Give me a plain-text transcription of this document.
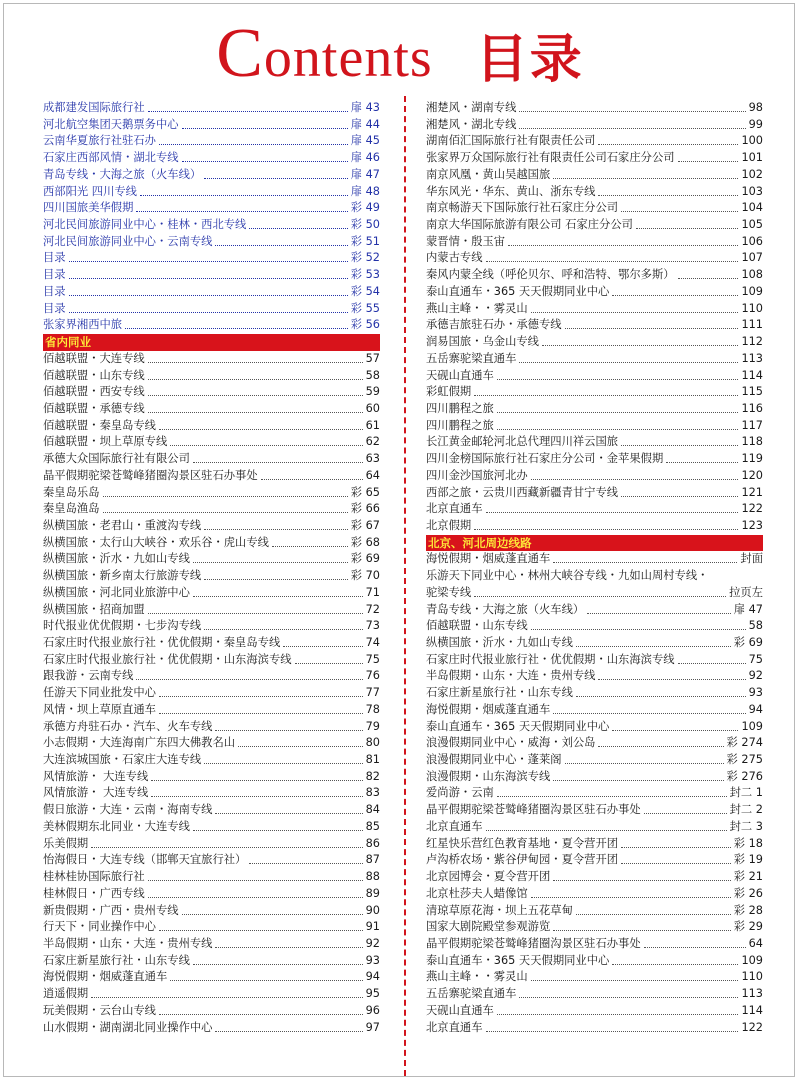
Contents 目录
成都建发国际旅行社	扉 43
河北航空集团天鹅票务中心	扉 44
云南华夏旅行社驻石办	扉 45
石家庄西部风情・湖北专线	扉 46
青岛专线・大海之旅（火车线）	扉 47
西部阳光 四川专线	扉 48
四川国旅美华假期	彩 49
河北民间旅游同业中心・桂林・西北专线	彩 50
河北民间旅游同业中心・云南专线	彩 51
目录	彩 52
目录	彩 53
目录	彩 54
目录	彩 55
张家界湘西中旅	彩 56
省内同业
佰越联盟・大连专线	57
佰越联盟・山东专线	58
佰越联盟・西安专线	59
佰越联盟・承德专线	60
佰越联盟・秦皇岛专线	61
佰越联盟・坝上草原专线	62
承德大众国际旅行社有限公司	63
晶平假期驼梁苍鹫峰猪圈沟景区驻石办事处	64
秦皇岛乐岛	彩 65
秦皇岛渔岛	彩 66
纵横国旅・老君山・重渡沟专线	彩 67
纵横国旅・太行山大峡谷・欢乐谷・虎山专线	彩 68
纵横国旅・沂水・九如山专线	彩 69
纵横国旅・新乡南太行旅游专线	彩 70
纵横国旅・河北同业旅游中心	71
纵横国旅・招商加盟	72
时代报业优优假期・七步沟专线	73
石家庄时代报业旅行社・优优假期・秦皇岛专线	74
石家庄时代报业旅行社・优优假期・山东海滨专线	75
跟我游・云南专线	76
任游天下同业批发中心	77
风情・坝上草原直通车	78
承德方舟驻石办・汽车、火车专线	79
小志假期・大连海南广东四大佛教名山	80
大连滨城国旅・石家庄大连专线	81
风情旅游・ 大连专线	82
风情旅游・ 大连专线	83
假日旅游・大连・云南・海南专线	84
美林假期东北同业・大连专线	85
乐美假期	86
怡海假日・大连专线（邯郸天宜旅行社）	87
桂林桂协国际旅行社	88
桂林假日・广西专线	89
新贵假期・广西・贵州专线	90
行天下・同业操作中心	91
半岛假期・山东・大连・贵州专线	92
石家庄新星旅行社・山东专线	93
海悦假期・烟威蓬直通车	94
逍遥假期	95
玩美假期・云台山专线	96
山水假期・湖南湖北同业操作中心	97
湘楚风・湖南专线	98
湘楚风・湖北专线	99
湖南佰汇国际旅行社有限责任公司	100
张家界万众国际旅行社有限责任公司石家庄分公司	101
南京风凰・黄山吴越国旅	102
华东风光・华东、黄山、浙东专线	103
南京畅游天下国际旅行社石家庄分公司	104
南京大华国际旅游有限公司 石家庄分公司	105
蒙晋情・殷玉宙	106
内蒙古专线	107
秦风内蒙全线（呼伦贝尔、呼和浩特、鄂尔多斯）	108
泰山直通车・365 天天假期同业中心	109
燕山主峰・・雾灵山	110
承德吉旅驻石办・承德专线	111
润易国旅・乌金山专线	112
五岳寨驼梁直通车	113
天砚山直通车	114
彩虹假期	115
四川鹏程之旅	116
四川鹏程之旅	117
长江黄金邮轮河北总代理四川祥云国旅	118
四川金榜国际旅行社石家庄分公司・金苹果假期	119
四川金沙国旅河北办	120
西部之旅・云贵川西藏新疆青甘宁专线	121
北京直通车	122
北京假期	123
北京、河北周边线路
海悦假期・烟威蓬直通车	封面
乐游天下同业中心・林州大峡谷专线・九如山周村专线・
驼梁专线	拉页左
青岛专线・大海之旅（火车线）	扉 47
佰越联盟・山东专线	58
纵横国旅・沂水・九如山专线	彩 69
石家庄时代报业旅行社・优优假期・山东海滨专线	75
半岛假期・山东・大连・贵州专线	92
石家庄新星旅行社・山东专线	93
海悦假期・烟威蓬直通车	94
泰山直通车・365 天天假期同业中心	109
浪漫假期同业中心・威海・刘公岛	彩 274
浪漫假期同业中心・蓬莱阁	彩 275
浪漫假期・山东海滨专线	彩 276
爱尚游・云南	封二 1
晶平假期驼梁苍鹫峰猪圈沟景区驻石办事处	封二 2
北京直通车	封二 3
红星快乐营红色教育基地・夏令营开团	彩 18
卢沟桥农场・紫谷伊甸园・夏令营开团	彩 19
北京园博会・夏令营开团	彩 21
北京杜莎夫人蜡像馆	彩 26
清琼草原花海・坝上五花草甸	彩 28
国家大剧院殿堂参观游览	彩 29
晶平假期驼梁苍鹫峰猪圈沟景区驻石办事处	64
泰山直通车・365 天天假期同业中心	109
燕山主峰・・雾灵山	110
五岳寨驼梁直通车	113
天砚山直通车	114
北京直通车	122
